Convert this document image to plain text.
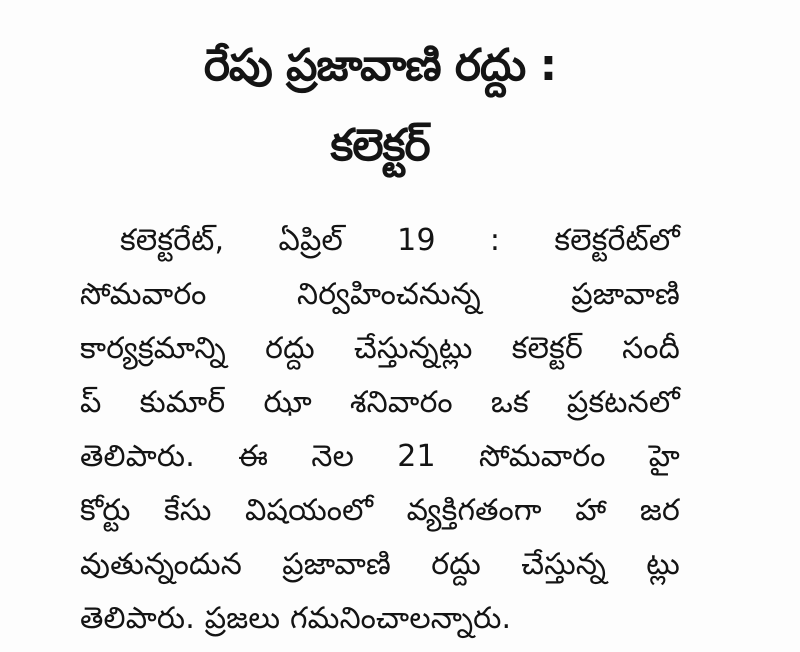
రేపు ప్రజావాణి రద్దు :
కలెక్టర్
కలెక్టరేట్, ఏప్రిల్ 19 : కలెక్టరేట్‌లో
సోమవారం నిర్వహించనున్న ప్రజావాణి
కార్యక్రమాన్ని రద్దు చేస్తున్నట్లు కలెక్టర్ సందీ
ప్ కుమార్ ఝా శనివారం ఒక ప్రకటనలో
తెలిపారు. ఈ నెల 21 సోమవారం హై
కోర్టు కేసు విషయంలో వ్యక్తిగతంగా హా జర
వుతున్నందున ప్రజావాణి రద్దు చేస్తున్న ట్లు
తెలిపారు. ప్రజలు గమనించాలన్నారు.
